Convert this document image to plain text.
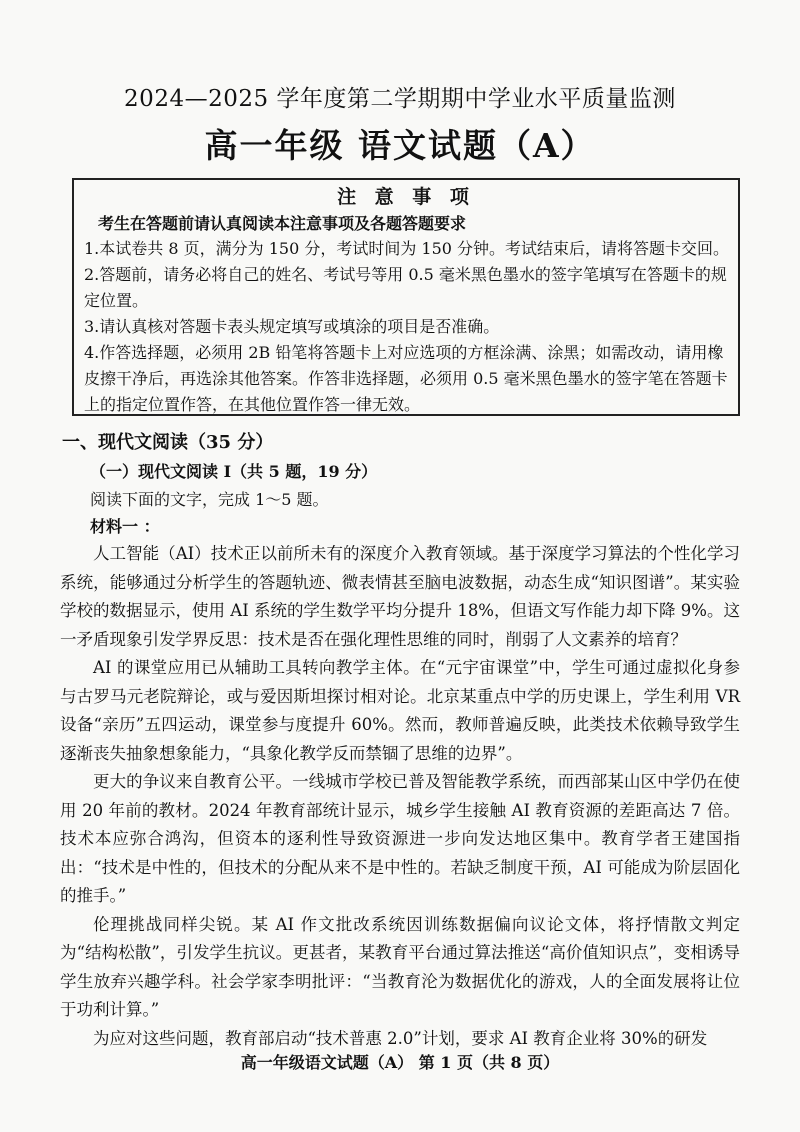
2024—2025 学年度第二学期期中学业水平质量监测
高一年级 语文试题（A）
注 意 事 项
考生在答题前请认真阅读本注意事项及各题答题要求

1.本试卷共 8 页，满分为 150 分，考试时间为 150 分钟。考试结束后，请将答题卡交回。

2.答题前，请务必将自己的姓名、考试号等用 0.5 毫米黑色墨水的签字笔填写在答题卡的规定位置。

3.请认真核对答题卡表头规定填写或填涂的项目是否准确。

4.作答选择题，必须用 2B 铅笔将答题卡上对应选项的方框涂满、涂黑；如需改动，请用橡皮擦干净后，再选涂其他答案。作答非选择题，必须用 0.5 毫米黑色墨水的签字笔在答题卡上的指定位置作答，在其他位置作答一律无效。

一、现代文阅读（35 分）
（一）现代文阅读 I（共 5 题，19 分）
阅读下面的文字，完成 1～5 题。
材料一 ：

人工智能（AI）技术正以前所未有的深度介入教育领域。基于深度学习算法的个性化学习系统，能够通过分析学生的答题轨迹、微表情甚至脑电波数据，动态生成“知识图谱”。某实验学校的数据显示，使用 AI 系统的学生数学平均分提升 18%，但语文写作能力却下降 9%。这一矛盾现象引发学界反思：技术是否在强化理性思维的同时，削弱了人文素养的培育？

AI 的课堂应用已从辅助工具转向教学主体。在“元宇宙课堂”中，学生可通过虚拟化身参与古罗马元老院辩论，或与爱因斯坦探讨相对论。北京某重点中学的历史课上，学生利用 VR 设备“亲历”五四运动，课堂参与度提升 60%。然而，教师普遍反映，此类技术依赖导致学生逐渐丧失抽象想象能力，“具象化教学反而禁锢了思维的边界”。

更大的争议来自教育公平。一线城市学校已普及智能教学系统，而西部某山区中学仍在使用 20 年前的教材。2024 年教育部统计显示，城乡学生接触 AI 教育资源的差距高达 7 倍。技术本应弥合鸿沟，但资本的逐利性导致资源进一步向发达地区集中。教育学者王建国指出：“技术是中性的，但技术的分配从来不是中性的。若缺乏制度干预，AI 可能成为阶层固化的推手。”

伦理挑战同样尖锐。某 AI 作文批改系统因训练数据偏向议论文体，将抒情散文判定为“结构松散”，引发学生抗议。更甚者，某教育平台通过算法推送“高价值知识点”，变相诱导学生放弃兴趣学科。社会学家李明批评：“当教育沦为数据优化的游戏，人的全面发展将让位于功利计算。”

为应对这些问题，教育部启动“技术普惠 2.0”计划，要求 AI 教育企业将 30%的研发

高一年级语文试题（A） 第 1 页（共 8 页）
